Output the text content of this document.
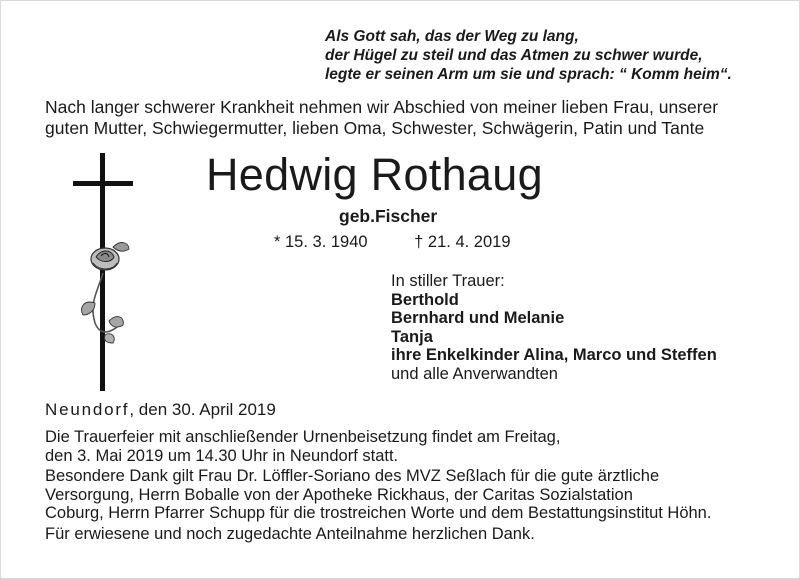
Als Gott sah, das der Weg zu lang,
der Hügel zu steil und das Atmen zu schwer wurde,
legte er seinen Arm um sie und sprach: “ Komm heim“.
Nach langer schwerer Krankheit nehmen wir Abschied von meiner lieben Frau, unserer
guten Mutter, Schwiegermutter, lieben Oma, Schwester, Schwägerin, Patin und Tante
Hedwig Rothaug
geb.Fischer
* 15. 3. 1940	† 21. 4. 2019
In stiller Trauer:
Berthold
Bernhard und Melanie
Tanja
ihre Enkelkinder Alina, Marco und Steffen
und alle Anverwandten
Neundorf, den 30. April 2019

Die Trauerfeier mit anschließender Urnenbeisetzung findet am Freitag,
den 3. Mai 2019 um 14.30 Uhr in Neundorf statt.

Besondere Dank gilt Frau Dr. Löffler-Soriano des MVZ Seßlach für die gute ärztliche
Versorgung, Herrn Boballe von der Apotheke Rickhaus, der Caritas Sozialstation
Coburg, Herrn Pfarrer Schupp für die trostreichen Worte und dem Bestattungsinstitut Höhn.

Für erwiesene und noch zugedachte Anteilnahme herzlichen Dank.
